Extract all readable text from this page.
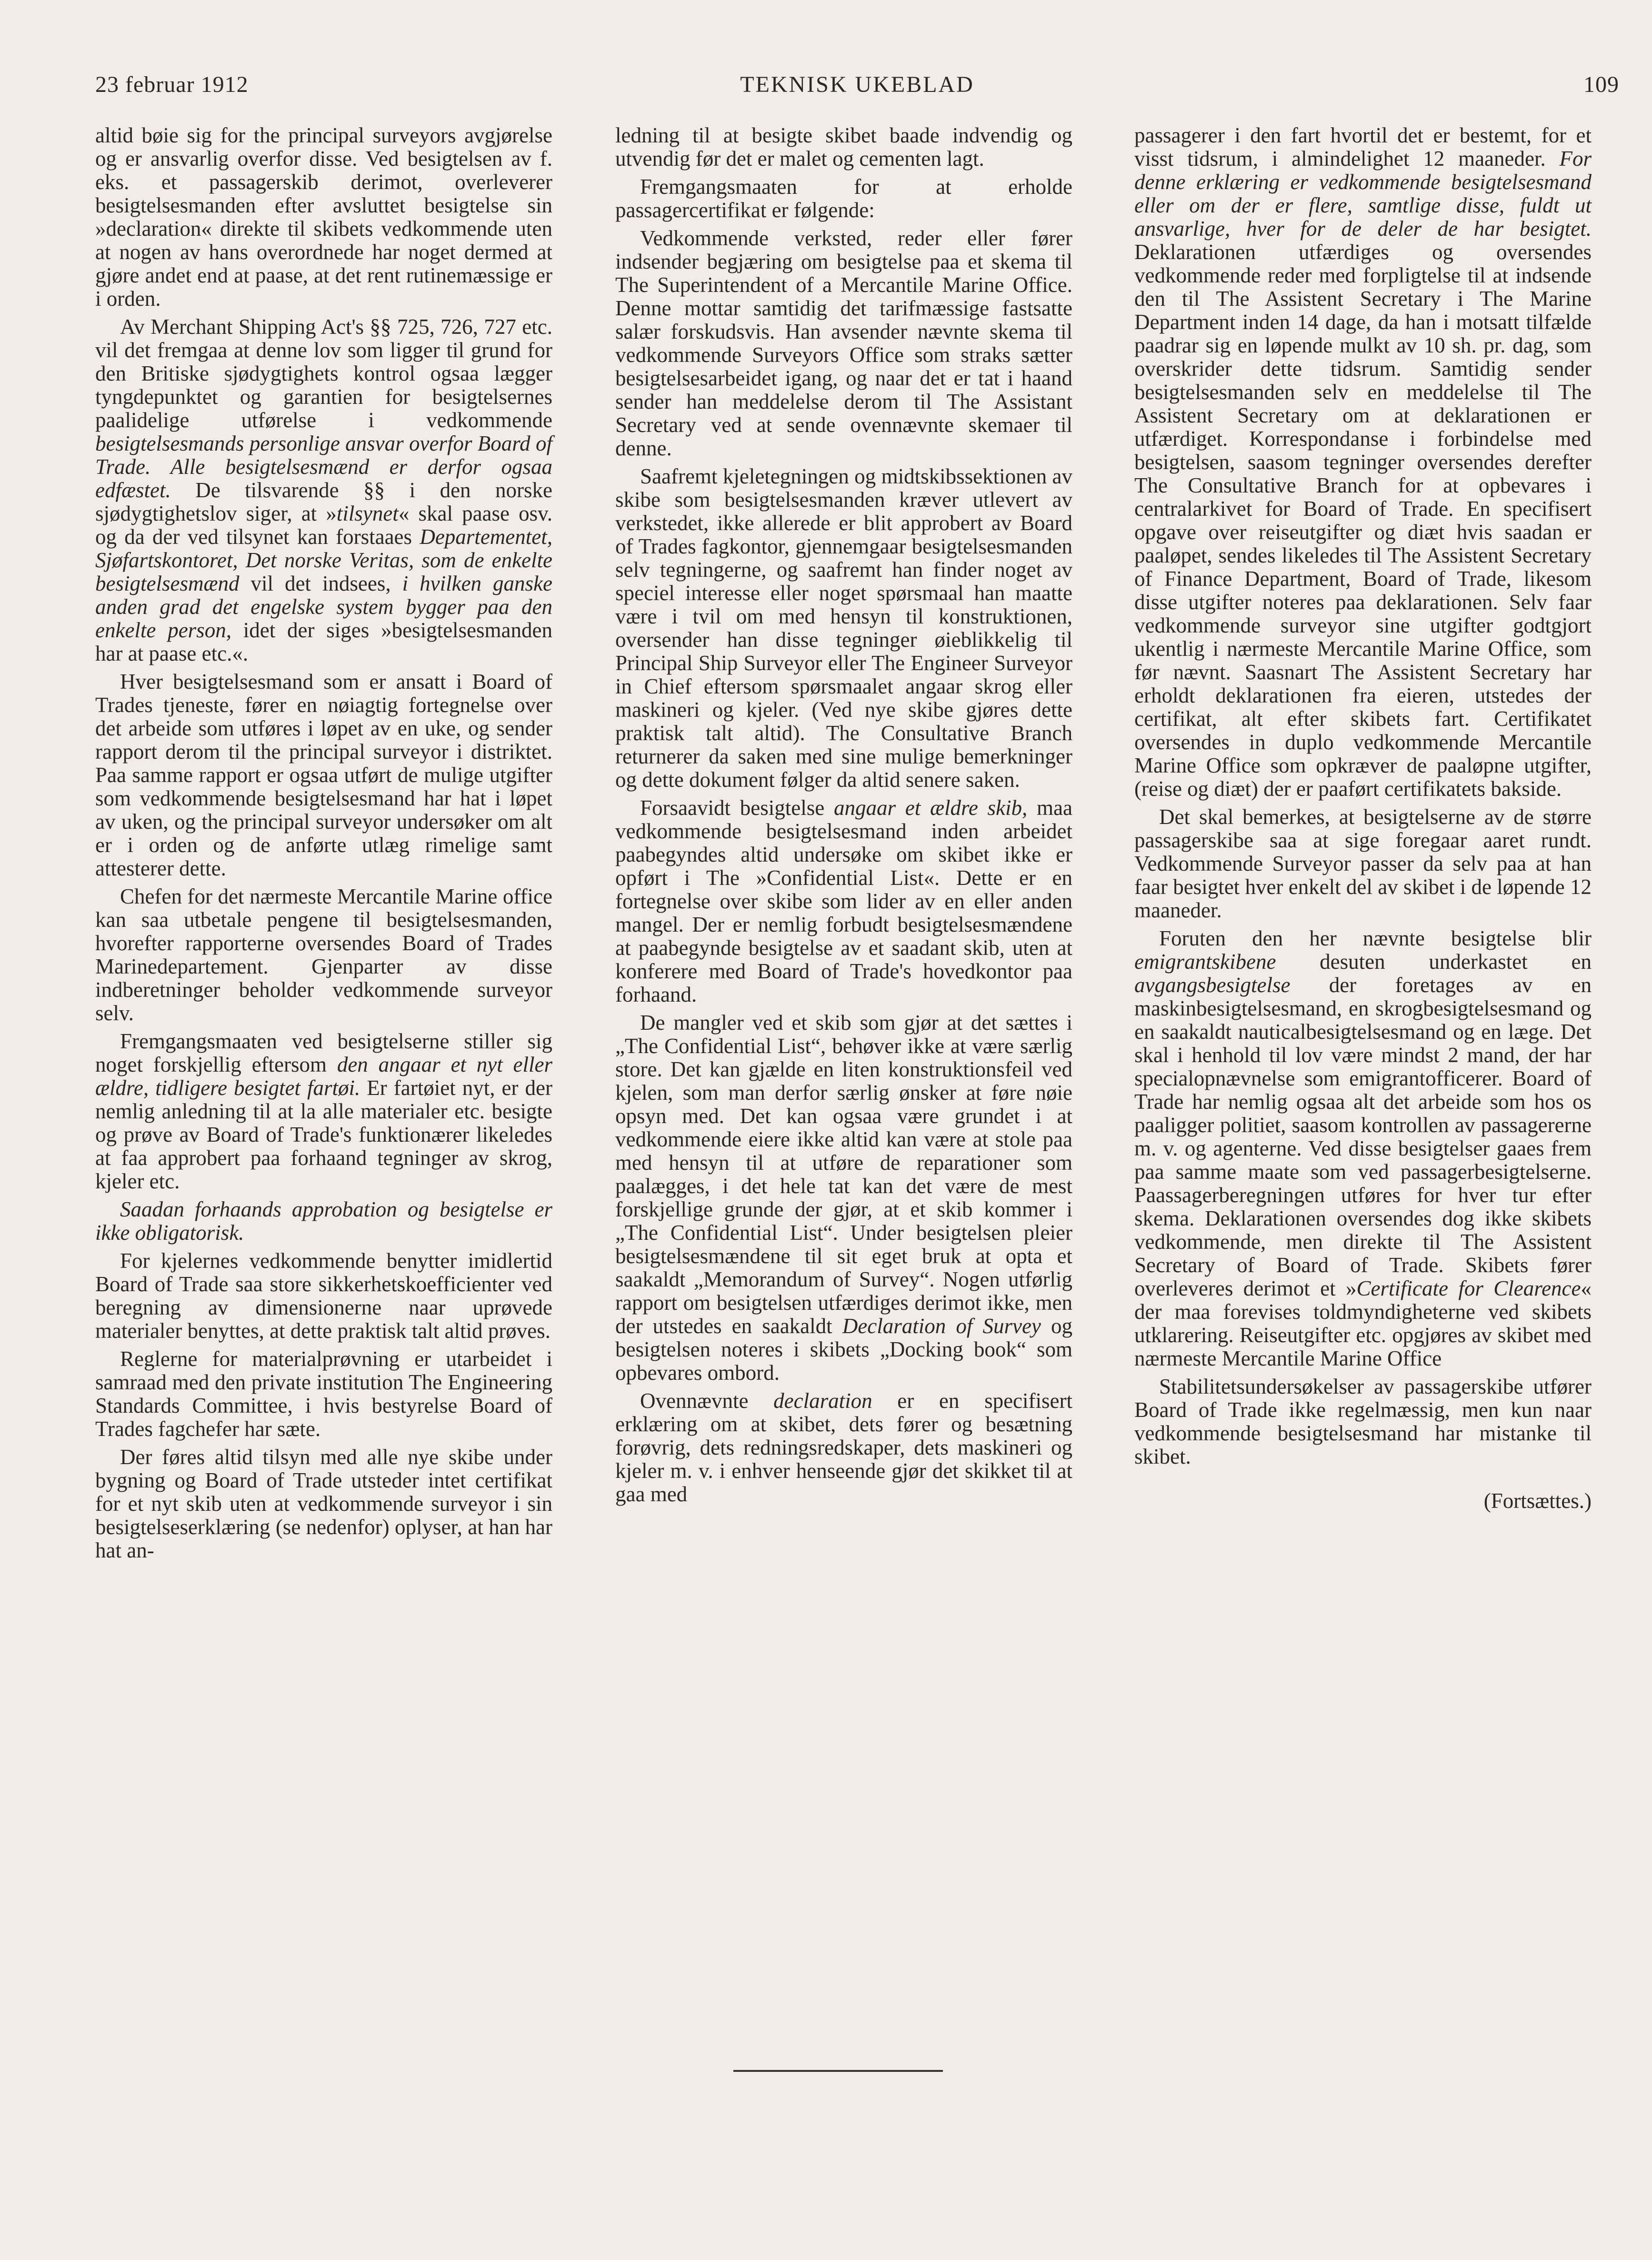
23 februar 1912	TEKNISK UKEBLAD	109

altid bøie sig for the principal surveyors avgjørelse og er ansvarlig overfor disse. Ved besigtelsen av f. eks. et passagerskib derimot, overleverer besigtelsesmanden efter avsluttet besigtelse sin »declaration« direkte til skibets vedkommende uten at nogen av hans overordnede har noget dermed at gjøre andet end at paase, at det rent rutinemæssige er i orden.

Av Merchant Shipping Act's §§ 725, 726, 727 etc. vil det fremgaa at denne lov som ligger til grund for den Britiske sjødygtighets kontrol ogsaa lægger tyngdepunktet og garantien for besigtelsernes paalidelige utførelse i vedkommende besigtelsesmands personlige ansvar overfor Board of Trade. Alle besigtelsesmænd er derfor ogsaa edfæstet. De tilsvarende §§ i den norske sjødygtighetslov siger, at »tilsynet« skal paase osv. og da der ved tilsynet kan forstaaes Departementet, Sjøfartskontoret, Det norske Veritas, som de enkelte besigtelsesmænd vil det indsees, i hvilken ganske anden grad det engelske system bygger paa den enkelte person, idet der siges »besigtelsesmanden har at paase etc.«.

Hver besigtelsesmand som er ansatt i Board of Trades tjeneste, fører en nøiagtig fortegnelse over det arbeide som utføres i løpet av en uke, og sender rapport derom til the principal surveyor i distriktet. Paa samme rapport er ogsaa utført de mulige utgifter som vedkommende besigtelsesmand har hat i løpet av uken, og the principal surveyor undersøker om alt er i orden og de anførte utlæg rimelige samt attesterer dette.

Chefen for det nærmeste Mercantile Marine office kan saa utbetale pengene til besigtelsesmanden, hvorefter rapporterne oversendes Board of Trades Marinedepartement. Gjenparter av disse indberetninger beholder vedkommende surveyor selv.

Fremgangsmaaten ved besigtelserne stiller sig noget forskjellig eftersom den angaar et nyt eller ældre, tidligere besigtet fartøi. Er fartøiet nyt, er der nemlig anledning til at la alle materialer etc. besigte og prøve av Board of Trade's funktionærer likeledes at faa approbert paa forhaand tegninger av skrog, kjeler etc.

Saadan forhaands approbation og besigtelse er ikke obligatorisk.

For kjelernes vedkommende benytter imidlertid Board of Trade saa store sikkerhetskoefficienter ved beregning av dimensionerne naar uprøvede materialer benyttes, at dette praktisk talt altid prøves.

Reglerne for materialprøvning er utarbeidet i samraad med den private institution The Engineering Standards Committee, i hvis bestyrelse Board of Trades fagchefer har sæte.

Der føres altid tilsyn med alle nye skibe under bygning og Board of Trade utsteder intet certifikat for et nyt skib uten at vedkommende surveyor i sin besigtelseserklæring (se nedenfor) oplyser, at han har hat an-

ledning til at besigte skibet baade indvendig og utvendig før det er malet og cementen lagt.

Fremgangsmaaten for at erholde passagercertifikat er følgende:

Vedkommende verksted, reder eller fører indsender begjæring om besigtelse paa et skema til The Superintendent of a Mercantile Marine Office. Denne mottar samtidig det tarifmæssige fastsatte salær forskudsvis. Han avsender nævnte skema til vedkommende Surveyors Office som straks sætter besigtelsesarbeidet igang, og naar det er tat i haand sender han meddelelse derom til The Assistant Secretary ved at sende ovennævnte skemaer til denne.

Saafremt kjeletegningen og midtskibssektionen av skibe som besigtelsesmanden kræver utlevert av verkstedet, ikke allerede er blit approbert av Board of Trades fagkontor, gjennemgaar besigtelsesmanden selv tegningerne, og saafremt han finder noget av speciel interesse eller noget spørsmaal han maatte være i tvil om med hensyn til konstruktionen, oversender han disse tegninger øieblikkelig til Principal Ship Surveyor eller The Engineer Surveyor in Chief eftersom spørsmaalet angaar skrog eller maskineri og kjeler. (Ved nye skibe gjøres dette praktisk talt altid). The Consultative Branch returnerer da saken med sine mulige bemerkninger og dette dokument følger da altid senere saken.

Forsaavidt besigtelse angaar et ældre skib, maa vedkommende besigtelsesmand inden arbeidet paabegyndes altid undersøke om skibet ikke er opført i The »Confidential List«. Dette er en fortegnelse over skibe som lider av en eller anden mangel. Der er nemlig forbudt besigtelsesmændene at paabegynde besigtelse av et saadant skib, uten at konferere med Board of Trade's hovedkontor paa forhaand.

De mangler ved et skib som gjør at det sættes i „The Confidential List“, behøver ikke at være særlig store. Det kan gjælde en liten konstruktionsfeil ved kjelen, som man derfor særlig ønsker at føre nøie opsyn med. Det kan ogsaa være grundet i at vedkommende eiere ikke altid kan være at stole paa med hensyn til at utføre de reparationer som paalægges, i det hele tat kan det være de mest forskjellige grunde der gjør, at et skib kommer i „The Confidential List“. Under besigtelsen pleier besigtelsesmændene til sit eget bruk at opta et saakaldt „Memorandum of Survey“. Nogen utførlig rapport om besigtelsen utfærdiges derimot ikke, men der utstedes en saakaldt Declaration of Survey og besigtelsen noteres i skibets „Docking book“ som opbevares ombord.

Ovennævnte declaration er en specifisert erklæring om at skibet, dets fører og besætning forøvrig, dets redningsredskaper, dets maskineri og kjeler m. v. i enhver henseende gjør det skikket til at gaa med

passagerer i den fart hvortil det er bestemt, for et visst tidsrum, i almindelighet 12 maaneder. For denne erklæring er vedkommende besigtelsesmand eller om der er flere, samtlige disse, fuldt ut ansvarlige, hver for de deler de har besigtet. Deklarationen utfærdiges og oversendes vedkommende reder med forpligtelse til at indsende den til The Assistent Secretary i The Marine Department inden 14 dage, da han i motsatt tilfælde paadrar sig en løpende mulkt av 10 sh. pr. dag, som overskrider dette tidsrum. Samtidig sender besigtelsesmanden selv en meddelelse til The Assistent Secretary om at deklarationen er utfærdiget. Korrespondanse i forbindelse med besigtelsen, saasom tegninger oversendes derefter The Consultative Branch for at opbevares i centralarkivet for Board of Trade. En specifisert opgave over reiseutgifter og diæt hvis saadan er paaløpet, sendes likeledes til The Assistent Secretary of Finance Department, Board of Trade, likesom disse utgifter noteres paa deklarationen. Selv faar vedkommende surveyor sine utgifter godtgjort ukentlig i nærmeste Mercantile Marine Office, som før nævnt. Saasnart The Assistent Secretary har erholdt deklarationen fra eieren, utstedes der certifikat, alt efter skibets fart. Certifikatet oversendes in duplo vedkommende Mercantile Marine Office som opkræver de paaløpne utgifter, (reise og diæt) der er paaført certifikatets bakside.

Det skal bemerkes, at besigtelserne av de større passagerskibe saa at sige foregaar aaret rundt. Vedkommende Surveyor passer da selv paa at han faar besigtet hver enkelt del av skibet i de løpende 12 maaneder.

Foruten den her nævnte besigtelse blir emigrantskibene desuten underkastet en avgangsbesigtelse der foretages av en maskinbesigtelsesmand, en skrogbesigtelsesmand og en saakaldt nauticalbesigtelsesmand og en læge. Det skal i henhold til lov være mindst 2 mand, der har specialopnævnelse som emigrantofficerer. Board of Trade har nemlig ogsaa alt det arbeide som hos os paaligger politiet, saasom kontrollen av passagererne m. v. og agenterne. Ved disse besigtelser gaaes frem paa samme maate som ved passagerbesigtelserne. Paassagerberegningen utføres for hver tur efter skema. Deklarationen oversendes dog ikke skibets vedkommende, men direkte til The Assistent Secretary of Board of Trade. Skibets fører overleveres derimot et »Certificate for Clearence« der maa forevises toldmyndigheterne ved skibets utklarering. Reiseutgifter etc. opgjøres av skibet med nærmeste Mercantile Marine Office

Stabilitetsundersøkelser av passagerskibe utfører Board of Trade ikke regelmæssig, men kun naar vedkommende besigtelsesmand har mistanke til skibet.

(Fortsættes.)
